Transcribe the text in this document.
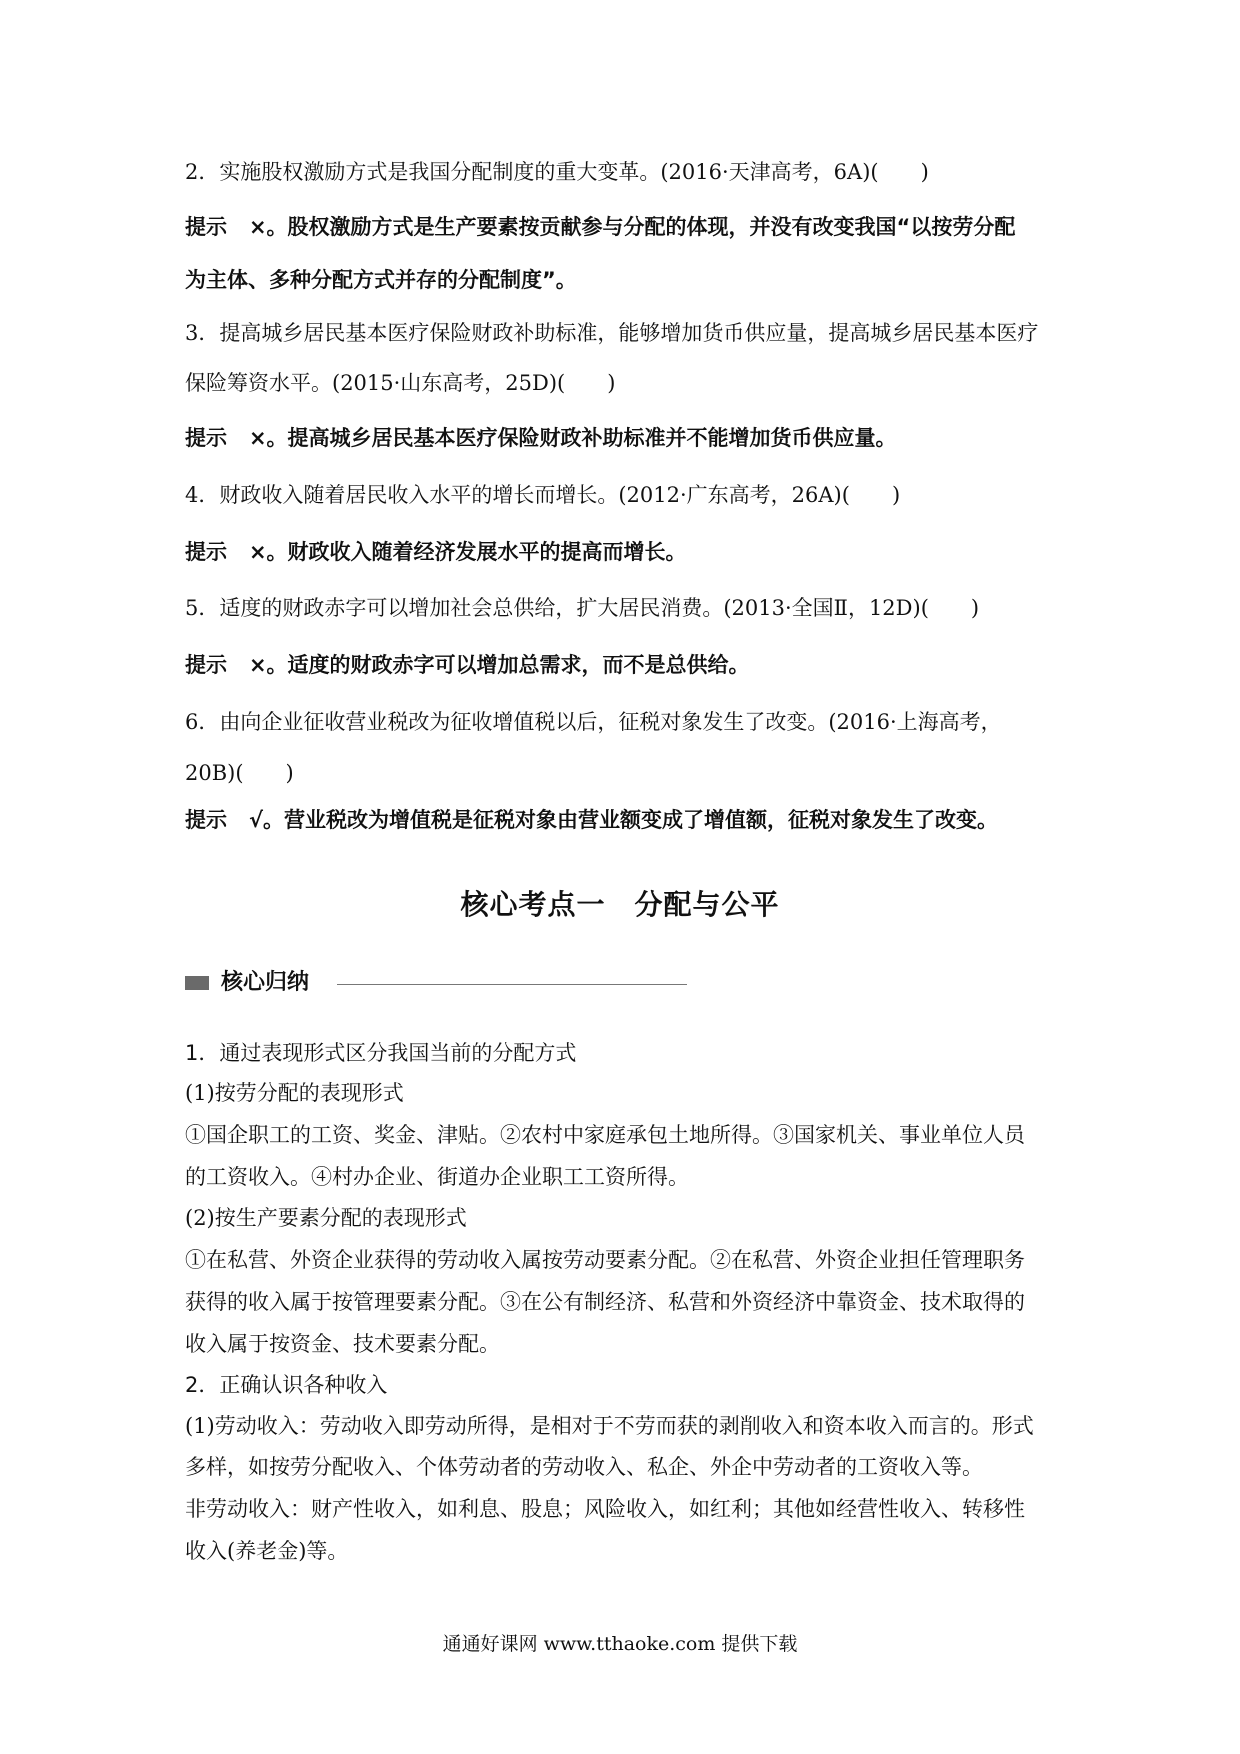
2．实施股权激励方式是我国分配制度的重大变革。(2016·天津高考，6A)(　　)
提示 ×。股权激励方式是生产要素按贡献参与分配的体现，并没有改变我国“以按劳分配
为主体、多种分配方式并存的分配制度”。
3．提高城乡居民基本医疗保险财政补助标准，能够增加货币供应量，提高城乡居民基本医疗
保险筹资水平。(2015·山东高考，25D)(　　)
提示 ×。提高城乡居民基本医疗保险财政补助标准并不能增加货币供应量。
4．财政收入随着居民收入水平的增长而增长。(2012·广东高考，26A)(　　)
提示 ×。财政收入随着经济发展水平的提高而增长。
5．适度的财政赤字可以增加社会总供给，扩大居民消费。(2013·全国Ⅱ，12D)(　　)
提示 ×。适度的财政赤字可以增加总需求，而不是总供给。
6．由向企业征收营业税改为征收增值税以后，征税对象发生了改变。(2016·上海高考，
20B)(　　)
提示 √。营业税改为增值税是征税对象由营业额变成了增值额，征税对象发生了改变。
核心考点一　分配与公平
核心归纳
1．通过表现形式区分我国当前的分配方式
(1)按劳分配的表现形式
①国企职工的工资、奖金、津贴。②农村中家庭承包土地所得。③国家机关、事业单位人员
的工资收入。④村办企业、街道办企业职工工资所得。
(2)按生产要素分配的表现形式
①在私营、外资企业获得的劳动收入属按劳动要素分配。②在私营、外资企业担任管理职务
获得的收入属于按管理要素分配。③在公有制经济、私营和外资经济中靠资金、技术取得的
收入属于按资金、技术要素分配。
2．正确认识各种收入
(1)劳动收入：劳动收入即劳动所得，是相对于不劳而获的剥削收入和资本收入而言的。形式
多样，如按劳分配收入、个体劳动者的劳动收入、私企、外企中劳动者的工资收入等。
非劳动收入：财产性收入，如利息、股息；风险收入，如红利；其他如经营性收入、转移性
收入(养老金)等。
通通好课网 www.tthaoke.com 提供下载
